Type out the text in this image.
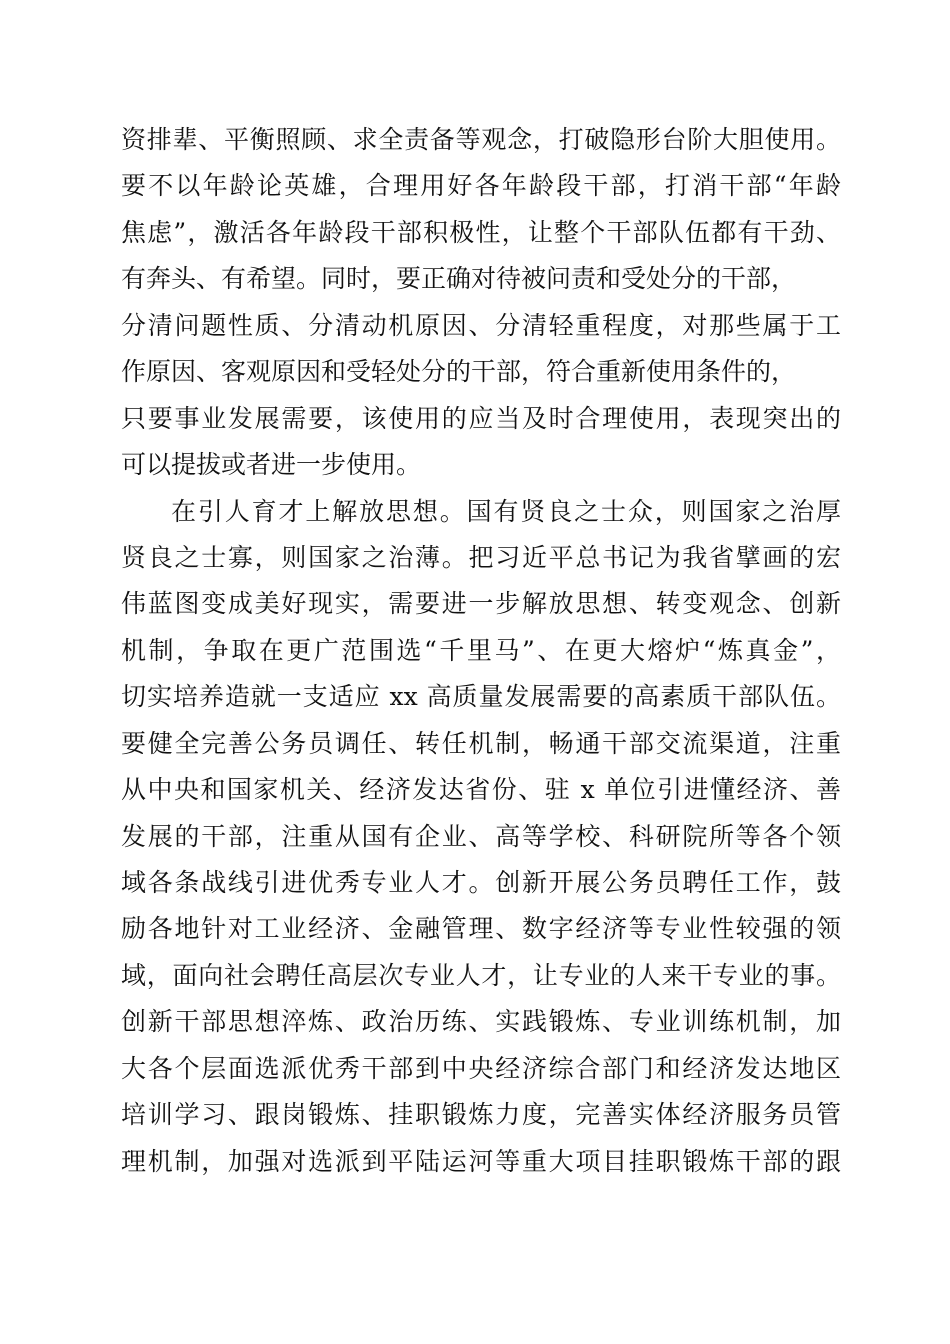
资排辈、平衡照顾、求全责备等观念，打破隐形台阶大胆使用。
要不以年龄论英雄，合理用好各年龄段干部，打消干部“年龄
焦虑”，激活各年龄段干部积极性，让整个干部队伍都有干劲、
有奔头、有希望。同时，要正确对待被问责和受处分的干部，
分清问题性质、分清动机原因、分清轻重程度，对那些属于工
作原因、客观原因和受轻处分的干部，符合重新使用条件的，
只要事业发展需要，该使用的应当及时合理使用，表现突出的
可以提拔或者进一步使用。
在引人育才上解放思想。国有贤良之士众，则国家之治厚
贤良之士寡，则国家之治薄。把习近平总书记为我省擘画的宏
伟蓝图变成美好现实，需要进一步解放思想、转变观念、创新
机制，争取在更广范围选“千里马”、在更大熔炉“炼真金”，
切实培养造就一支适应 xx 高质量发展需要的高素质干部队伍。
要健全完善公务员调任、转任机制，畅通干部交流渠道，注重
从中央和国家机关、经济发达省份、驻 x 单位引进懂经济、善
发展的干部，注重从国有企业、高等学校、科研院所等各个领
域各条战线引进优秀专业人才。创新开展公务员聘任工作，鼓
励各地针对工业经济、金融管理、数字经济等专业性较强的领
域，面向社会聘任高层次专业人才，让专业的人来干专业的事。
创新干部思想淬炼、政治历练、实践锻炼、专业训练机制，加
大各个层面选派优秀干部到中央经济综合部门和经济发达地区
培训学习、跟岗锻炼、挂职锻炼力度，完善实体经济服务员管
理机制，加强对选派到平陆运河等重大项目挂职锻炼干部的跟
